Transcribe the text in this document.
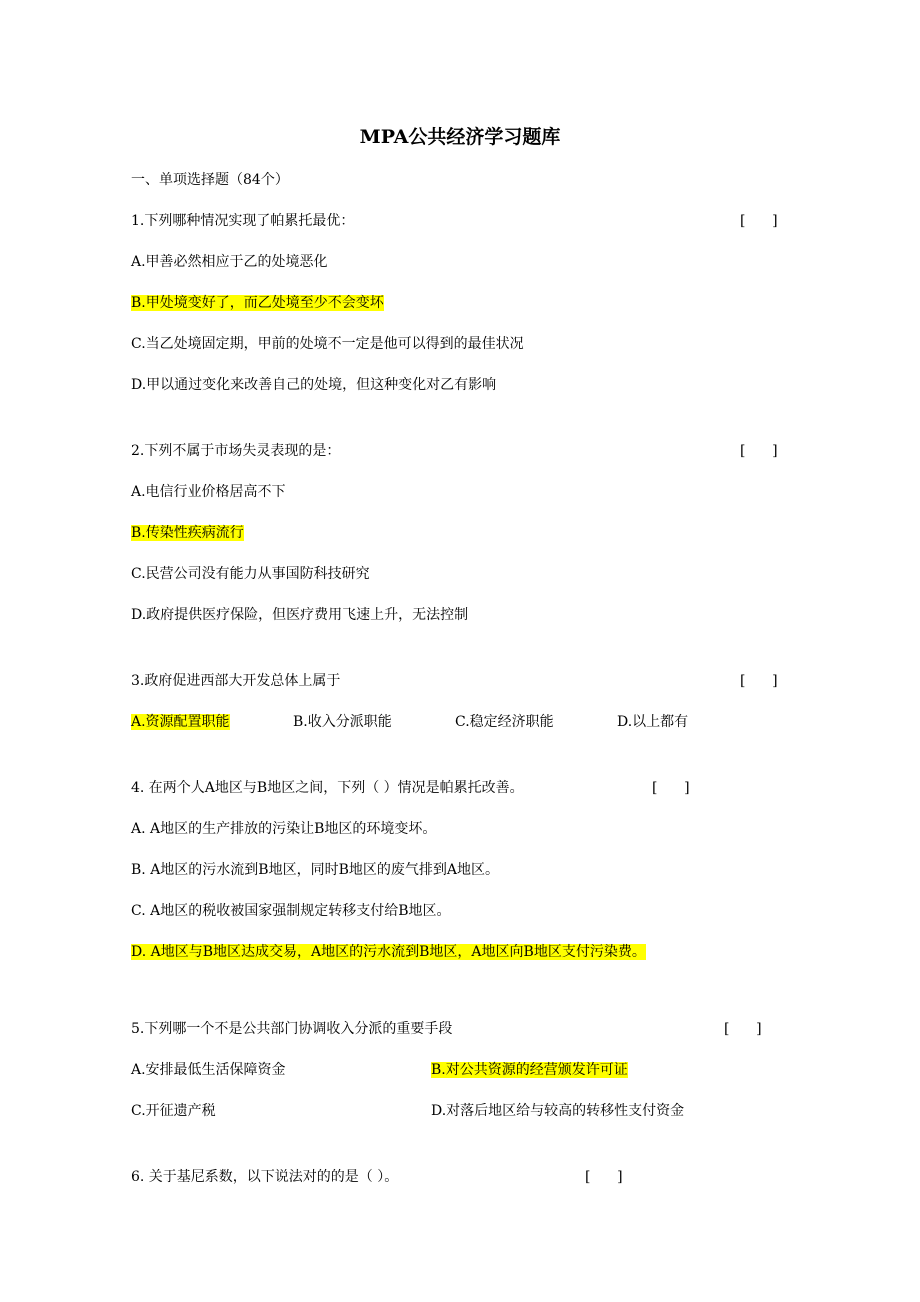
MPA公共经济学习题库
一、单项选择题（84个）
1.下列哪种情况实现了帕累托最优：	[      ]
A.甲善必然相应于乙的处境恶化
B.甲处境变好了，而乙处境至少不会变坏
C.当乙处境固定期，甲前的处境不一定是他可以得到的最佳状况
D.甲以通过变化来改善自己的处境，但这种变化对乙有影响
2.下列不属于市场失灵表现的是：	[      ]
A.电信行业价格居高不下
B.传染性疾病流行
C.民营公司没有能力从事国防科技研究
D.政府提供医疗保险，但医疗费用飞速上升，无法控制
3.政府促进西部大开发总体上属于	[      ]
A.资源配置职能	B.收入分派职能	C.稳定经济职能	D.以上都有
4. 在两个人A地区与B地区之间，下列（ ）情况是帕累托改善。	[      ]
A. A地区的生产排放的污染让B地区的环境变坏。
B. A地区的污水流到B地区，同时B地区的废气排到A地区。
C. A地区的税收被国家强制规定转移支付给B地区。
D. A地区与B地区达成交易，A地区的污水流到B地区，A地区向B地区支付污染费。
5.下列哪一个不是公共部门协调收入分派的重要手段	[      ]
A.安排最低生活保障资金	B.对公共资源的经营颁发许可证
C.开征遗产税	D.对落后地区给与较高的转移性支付资金
6. 关于基尼系数，以下说法对的的是（ ）。	[      ]
